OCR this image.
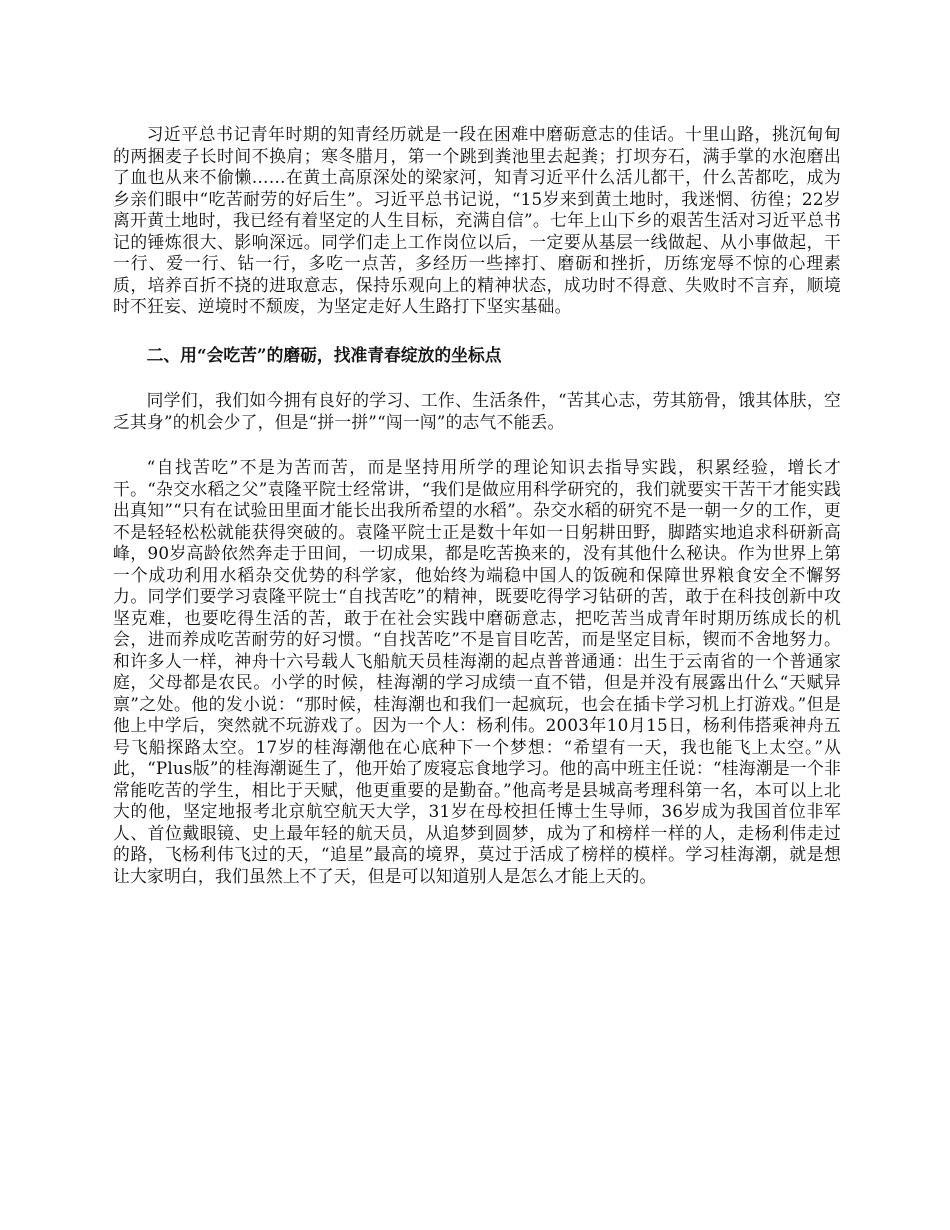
习近平总书记青年时期的知青经历就是一段在困难中磨砺意志的佳话。十里山路，挑沉甸甸的两捆麦子长时间不换肩；寒冬腊月，第一个跳到粪池里去起粪；打坝夯石，满手掌的水泡磨出了血也从来不偷懒……在黄土高原深处的梁家河，知青习近平什么活儿都干，什么苦都吃，成为乡亲们眼中“吃苦耐劳的好后生”。习近平总书记说，“15岁来到黄土地时，我迷惘、彷徨；22岁离开黄土地时，我已经有着坚定的人生目标，充满自信”。七年上山下乡的艰苦生活对习近平总书记的锤炼很大、影响深远。同学们走上工作岗位以后，一定要从基层一线做起、从小事做起，干一行、爱一行、钻一行，多吃一点苦，多经历一些摔打、磨砺和挫折，历练宠辱不惊的心理素质，培养百折不挠的进取意志，保持乐观向上的精神状态，成功时不得意、失败时不言弃，顺境时不狂妄、逆境时不颓废，为坚定走好人生路打下坚实基础。

二、用“会吃苦”的磨砺，找准青春绽放的坐标点

同学们，我们如今拥有良好的学习、工作、生活条件，“苦其心志，劳其筋骨，饿其体肤，空乏其身”的机会少了，但是“拼一拼”“闯一闯”的志气不能丢。

“自找苦吃”不是为苦而苦，而是坚持用所学的理论知识去指导实践，积累经验，增长才干。“杂交水稻之父”袁隆平院士经常讲，“我们是做应用科学研究的，我们就要实干苦干才能实践出真知”“只有在试验田里面才能长出我所希望的水稻”。杂交水稻的研究不是一朝一夕的工作，更不是轻轻松松就能获得突破的。袁隆平院士正是数十年如一日躬耕田野，脚踏实地追求科研新高峰，90岁高龄依然奔走于田间，一切成果，都是吃苦换来的，没有其他什么秘诀。作为世界上第一个成功利用水稻杂交优势的科学家，他始终为端稳中国人的饭碗和保障世界粮食安全不懈努力。同学们要学习袁隆平院士“自找苦吃”的精神，既要吃得学习钻研的苦，敢于在科技创新中攻坚克难，也要吃得生活的苦，敢于在社会实践中磨砺意志，把吃苦当成青年时期历练成长的机会，进而养成吃苦耐劳的好习惯。“自找苦吃”不是盲目吃苦，而是坚定目标，锲而不舍地努力。和许多人一样，神舟十六号载人飞船航天员桂海潮的起点普普通通：出生于云南省的一个普通家庭，父母都是农民。小学的时候，桂海潮的学习成绩一直不错，但是并没有展露出什么“天赋异禀”之处。他的发小说：“那时候，桂海潮也和我们一起疯玩，也会在插卡学习机上打游戏。”但是他上中学后，突然就不玩游戏了。因为一个人：杨利伟。2003年10月15日，杨利伟搭乘神舟五号飞船探路太空。17岁的桂海潮他在心底种下一个梦想：“希望有一天，我也能飞上太空。”从此，“Plus版”的桂海潮诞生了，他开始了废寝忘食地学习。他的高中班主任说：“桂海潮是一个非常能吃苦的学生，相比于天赋，他更重要的是勤奋。”他高考是县城高考理科第一名，本可以上北大的他，坚定地报考北京航空航天大学，31岁在母校担任博士生导师，36岁成为我国首位非军人、首位戴眼镜、史上最年轻的航天员，从追梦到圆梦，成为了和榜样一样的人，走杨利伟走过的路，飞杨利伟飞过的天，“追星”最高的境界，莫过于活成了榜样的模样。学习桂海潮，就是想让大家明白，我们虽然上不了天，但是可以知道别人是怎么才能上天的。
